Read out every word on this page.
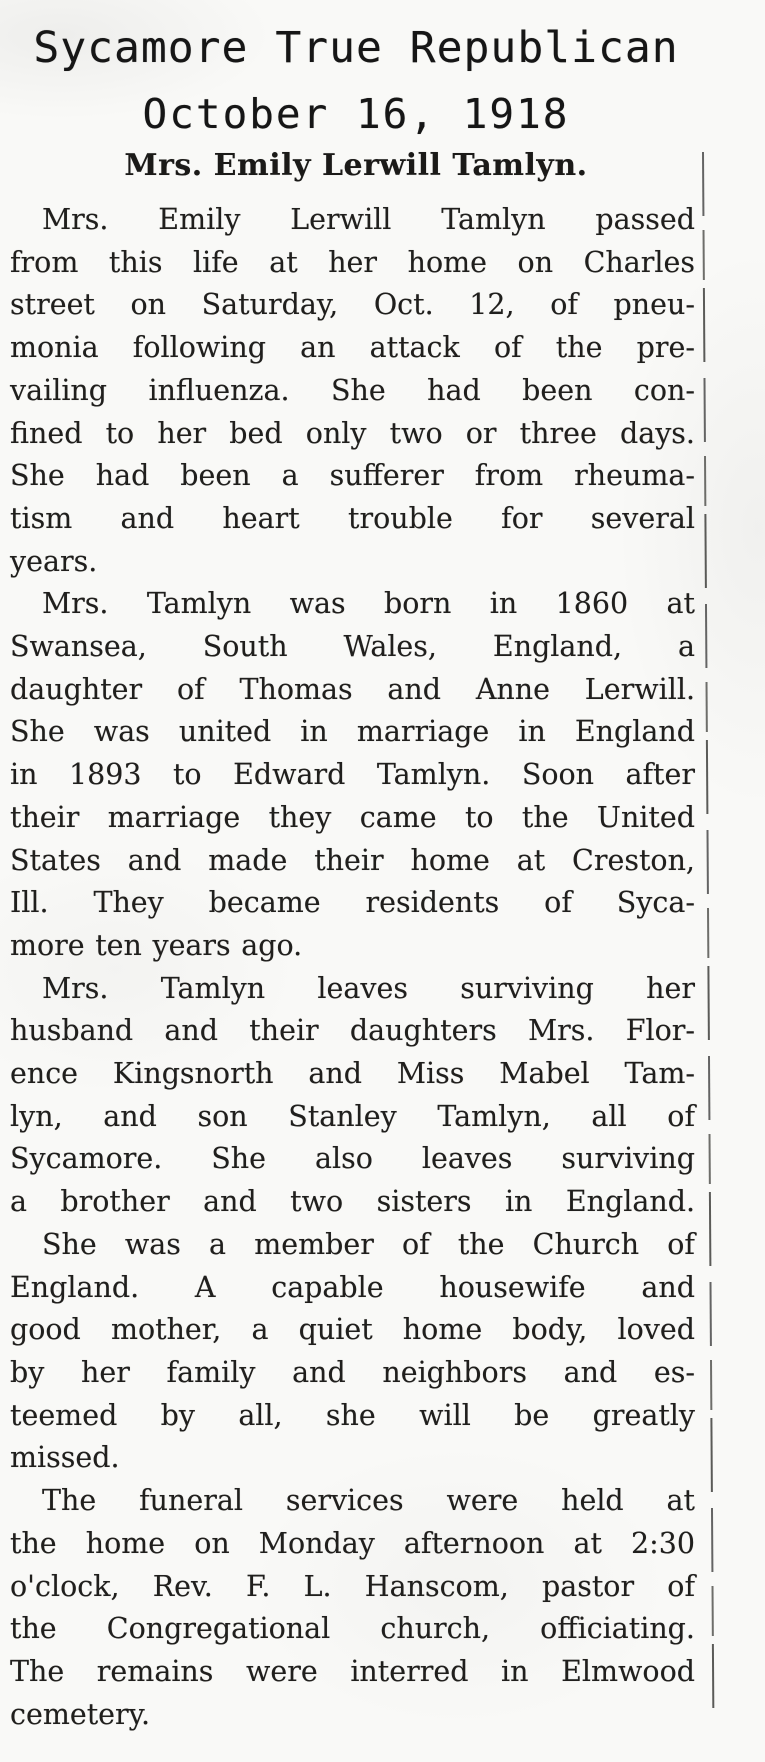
Sycamore True Republican
October 16, 1918
Mrs. Emily Lerwill Tamlyn.
Mrs. Emily Lerwill Tamlyn passed
from this life at her home on Charles
street on Saturday, Oct. 12, of pneu-
monia following an attack of the pre-
vailing influenza. She had been con-
fined to her bed only two or three days.
She had been a sufferer from rheuma-
tism and heart trouble for several
years.
Mrs. Tamlyn was born in 1860 at
Swansea, South Wales, England, a
daughter of Thomas and Anne Lerwill.
She was united in marriage in England
in 1893 to Edward Tamlyn. Soon after
their marriage they came to the United
States and made their home at Creston,
Ill. They became residents of Syca-
more ten years ago.
Mrs. Tamlyn leaves surviving her
husband and their daughters Mrs. Flor-
ence Kingsnorth and Miss Mabel Tam-
lyn, and son Stanley Tamlyn, all of
Sycamore. She also leaves surviving
a brother and two sisters in England.
She was a member of the Church of
England. A capable housewife and
good mother, a quiet home body, loved
by her family and neighbors and es-
teemed by all, she will be greatly
missed.
The funeral services were held at
the home on Monday afternoon at 2:30
o'clock, Rev. F. L. Hanscom, pastor of
the Congregational church, officiating.
The remains were interred in Elmwood
cemetery.
